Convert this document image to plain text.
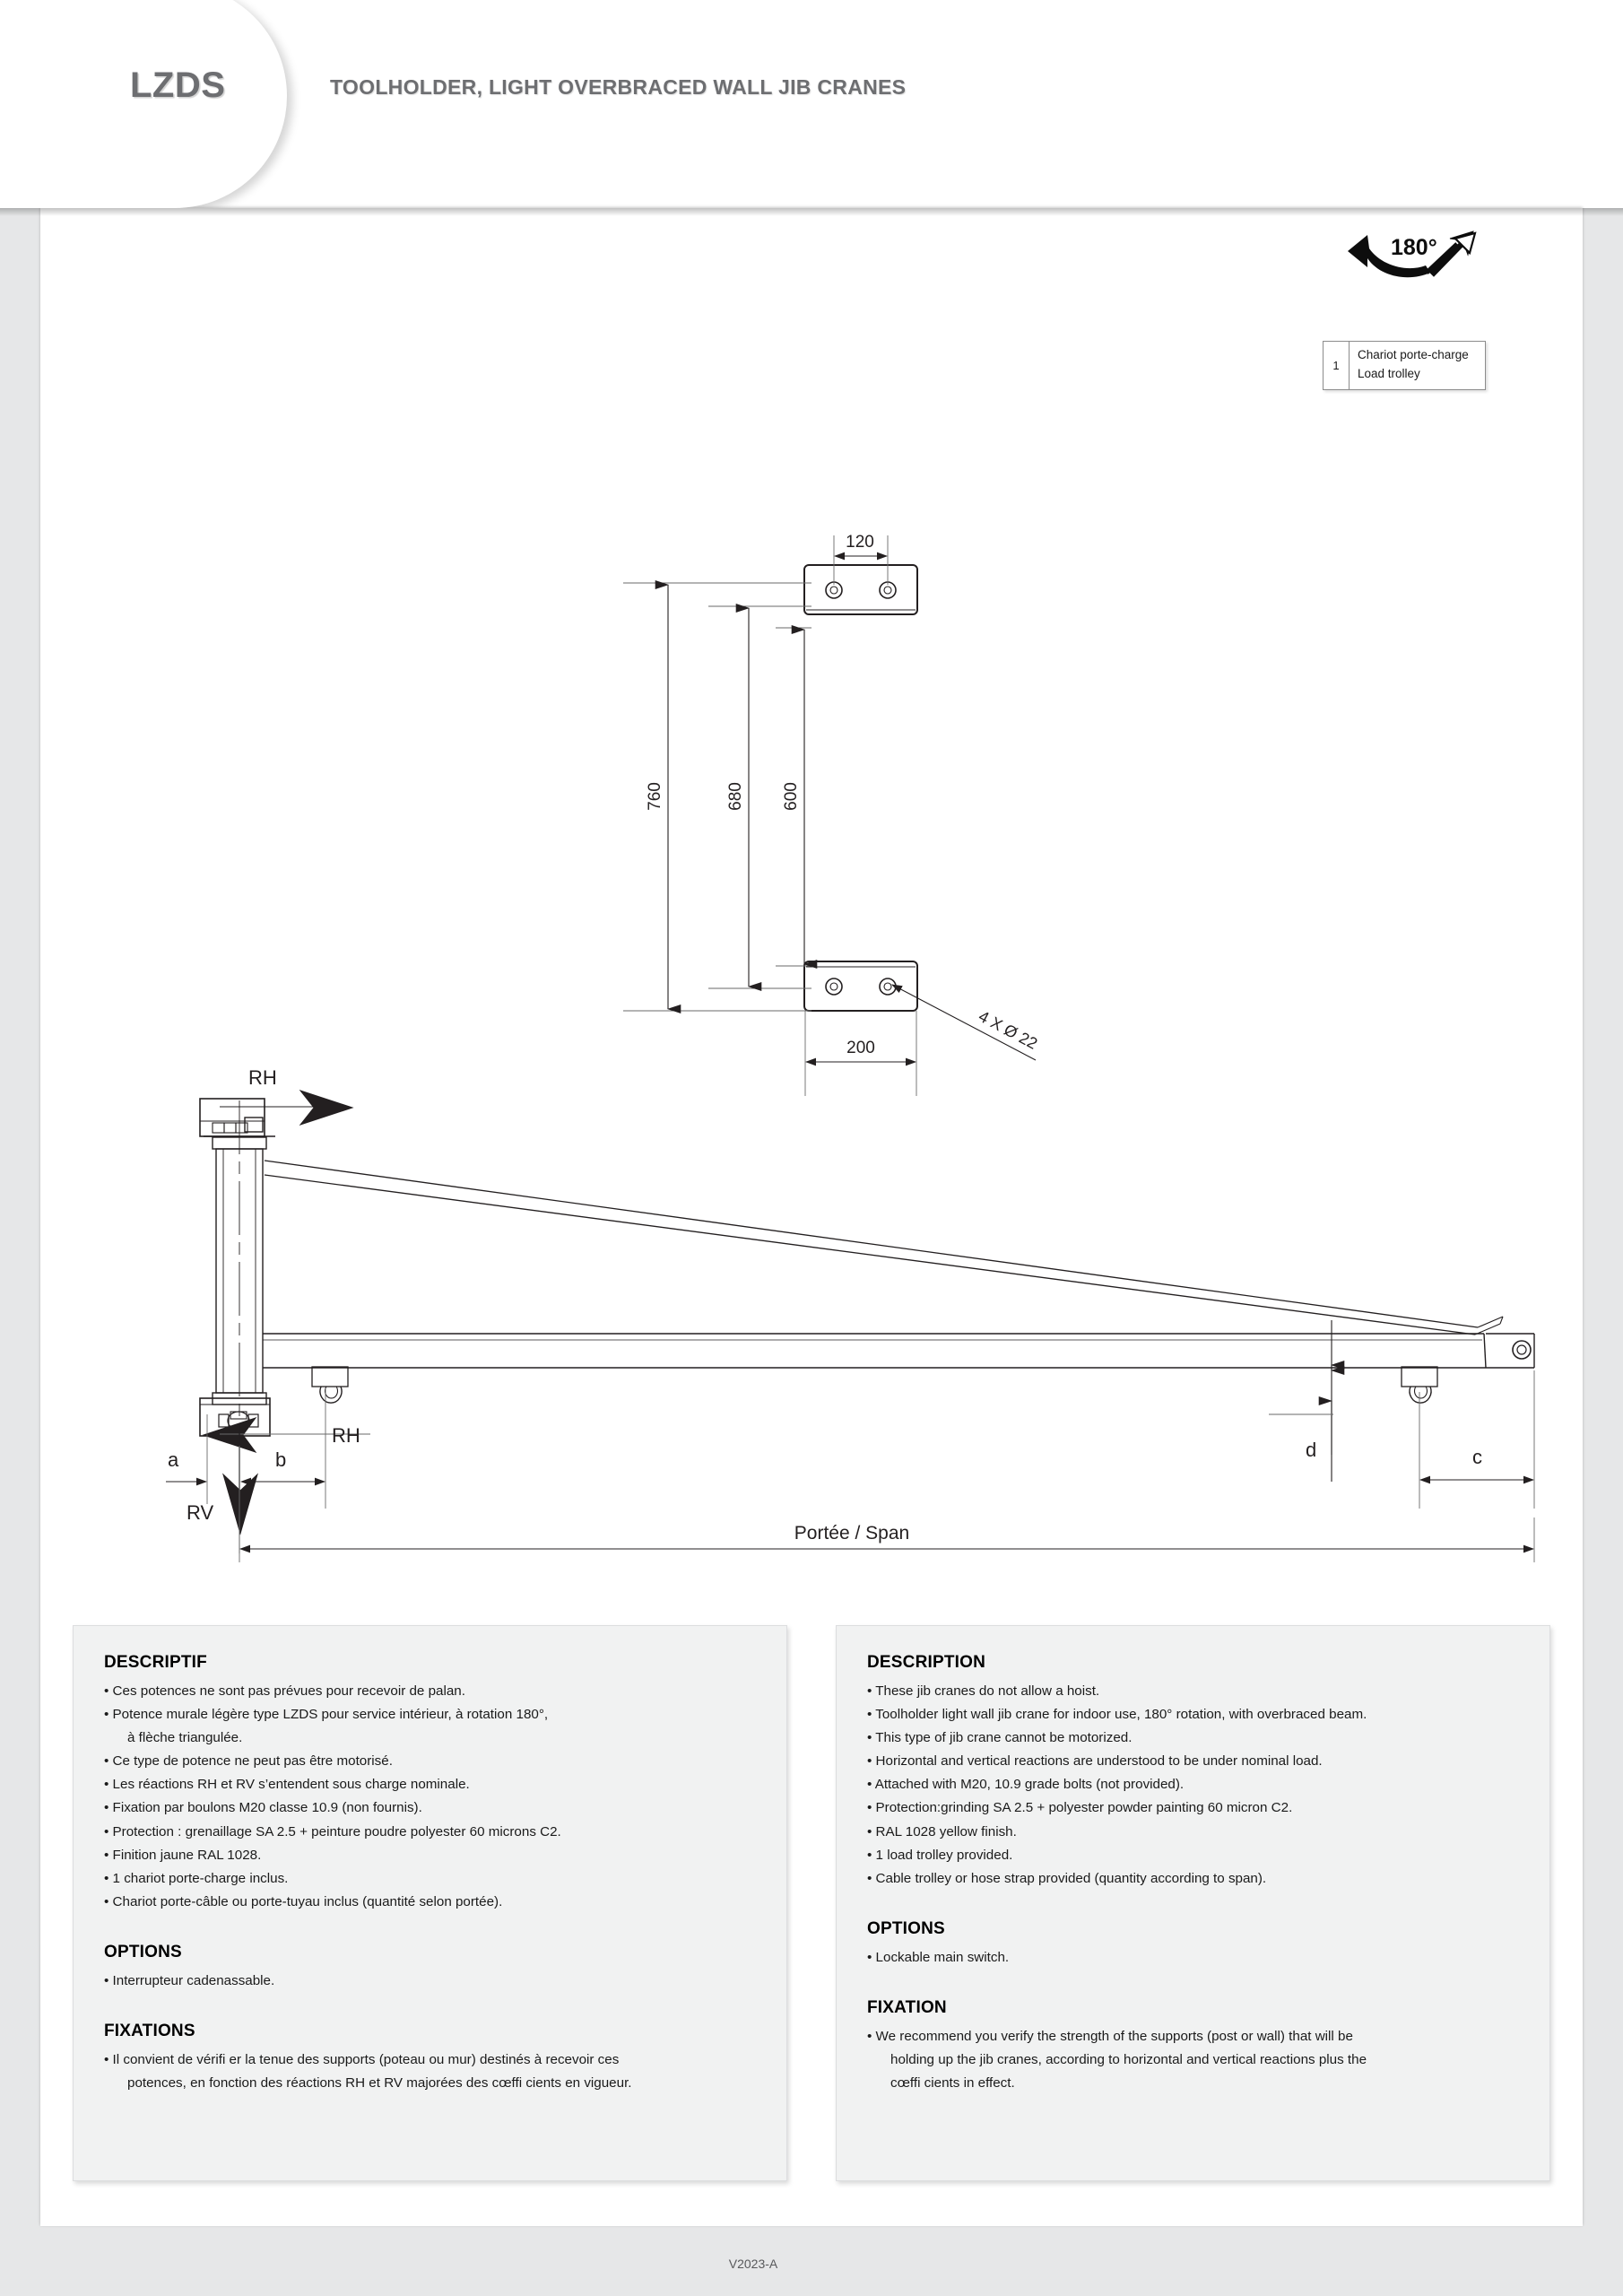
LZDS	TOOLHOLDER, LIGHT OVERBRACED WALL JIB CRANES
120
200
760	680 600
4 X Ø 22
RH
RH
RV
a	b	c
d
Portée / Span
180°
1
Chariot porte-charge
Load trolley
DESCRIPTIF
• Ces potences ne sont pas prévues pour recevoir de palan.
• Potence murale légère type LZDS pour service intérieur, à rotation 180°,
à flèche triangulée.
• Ce type de potence ne peut pas être motorisé.
• Les réactions RH et RV s’entendent sous charge nominale.
• Fixation par boulons M20 classe 10.9 (non fournis).
• Protection : grenaillage SA 2.5 + peinture poudre polyester 60 microns C2.
• Finition jaune RAL 1028.
• 1 chariot porte-charge inclus.
• Chariot porte-câble ou porte-tuyau inclus (quantité selon portée).
OPTIONS
• Interrupteur cadenassable.
FIXATIONS
• Il convient de vérifi er la tenue des supports (poteau ou mur) destinés à recevoir ces
potences, en fonction des réactions RH et RV majorées des cœffi cients en vigueur.
DESCRIPTION
• These jib cranes do not allow a hoist.
• Toolholder light wall jib crane for indoor use, 180° rotation, with overbraced beam.
• This type of jib crane cannot be motorized.
• Horizontal and vertical reactions are understood to be under nominal load.
• Attached with M20, 10.9 grade bolts (not provided).
• Protection:grinding SA 2.5 + polyester powder painting 60 micron C2.
• RAL 1028 yellow finish.
• 1 load trolley provided.
• Cable trolley or hose strap provided (quantity according to span).
OPTIONS
• Lockable main switch.
FIXATION
• We recommend you verify the strength of the supports (post or wall) that will be
holding up the jib cranes, according to horizontal and vertical reactions plus the
cœffi cients in effect.
V2023-A
